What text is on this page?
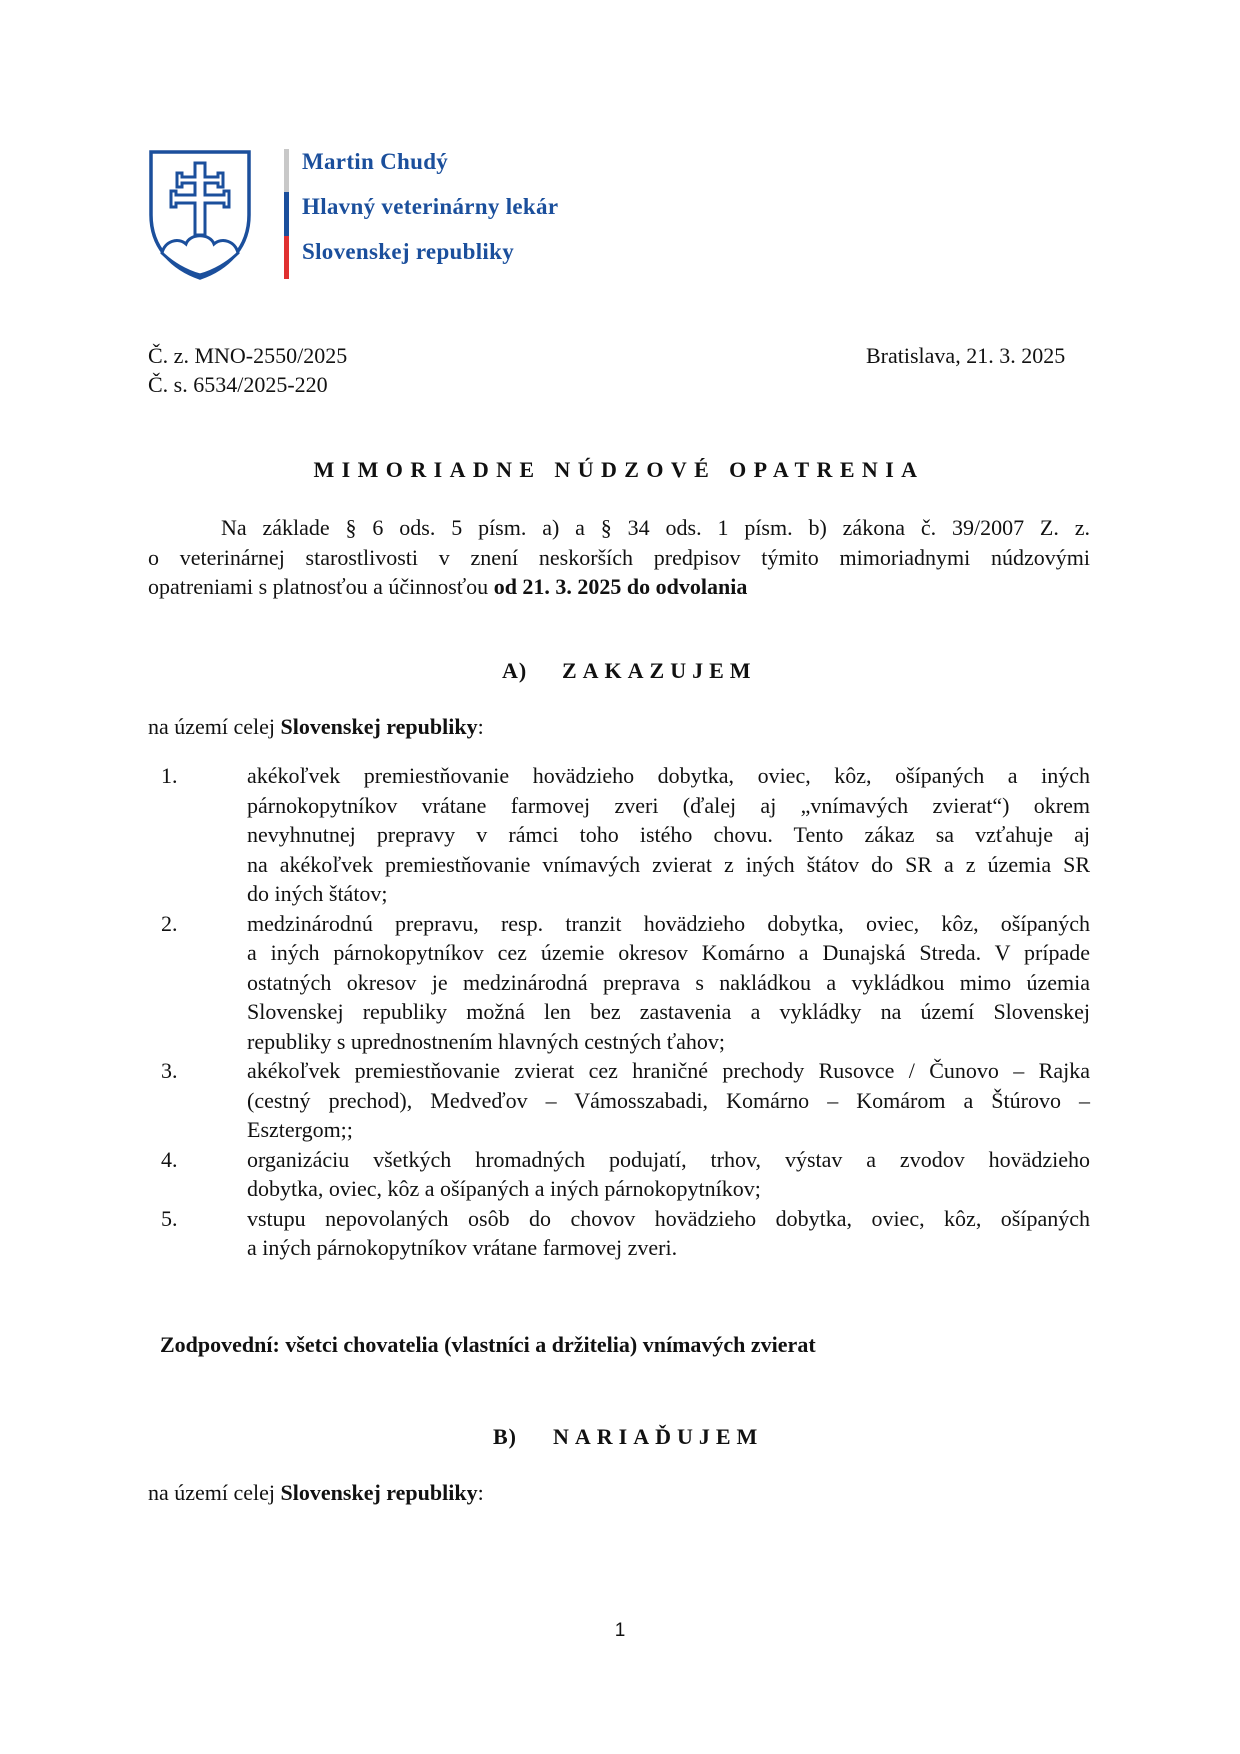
Martin Chudý
Hlavný veterinárny lekár
Slovenskej republiky
Č. z. MNO-2550/2025
Č. s. 6534/2025-220
Bratislava, 21. 3. 2025
MIMORIADNE NÚDZOVÉ OPATRENIA
Na základe § 6 ods. 5 písm. a) a § 34 ods. 1 písm. b) zákona č. 39/2007 Z. z.
o veterinárnej starostlivosti v znení neskorších predpisov týmito mimoriadnymi núdzovými
opatreniami s platnosťou a účinnosťou od 21. 3. 2025 do odvolania
A) ZAKAZUJEM
na území celej Slovenskej republiky:
1.	akékoľvek premiestňovanie hovädzieho dobytka, oviec, kôz, ošípaných a iných
párnokopytníkov vrátane farmovej zveri (ďalej aj „vnímavých zvierat“) okrem
nevyhnutnej prepravy v rámci toho istého chovu. Tento zákaz sa vzťahuje aj
na akékoľvek premiestňovanie vnímavých zvierat z iných štátov do SR a z územia SR
do iných štátov;
2.	medzinárodnú prepravu, resp. tranzit hovädzieho dobytka, oviec, kôz, ošípaných
a iných párnokopytníkov cez územie okresov Komárno a Dunajská Streda. V prípade
ostatných okresov je medzinárodná preprava s nakládkou a vykládkou mimo územia
Slovenskej republiky možná len bez zastavenia a vykládky na území Slovenskej
republiky s uprednostnením hlavných cestných ťahov;
3.	akékoľvek premiestňovanie zvierat cez hraničné prechody Rusovce / Čunovo – Rajka
(cestný prechod), Medveďov – Vámosszabadi, Komárno – Komárom a Štúrovo –
Esztergom;;
4.	organizáciu všetkých hromadných podujatí, trhov, výstav a zvodov hovädzieho
dobytka, oviec, kôz a ošípaných a iných párnokopytníkov;
5.	vstupu nepovolaných osôb do chovov hovädzieho dobytka, oviec, kôz, ošípaných
a iných párnokopytníkov vrátane farmovej zveri.
Zodpovední: všetci chovatelia (vlastníci a držitelia) vnímavých zvierat
B) NARIAĎUJEM
na území celej Slovenskej republiky:
1
